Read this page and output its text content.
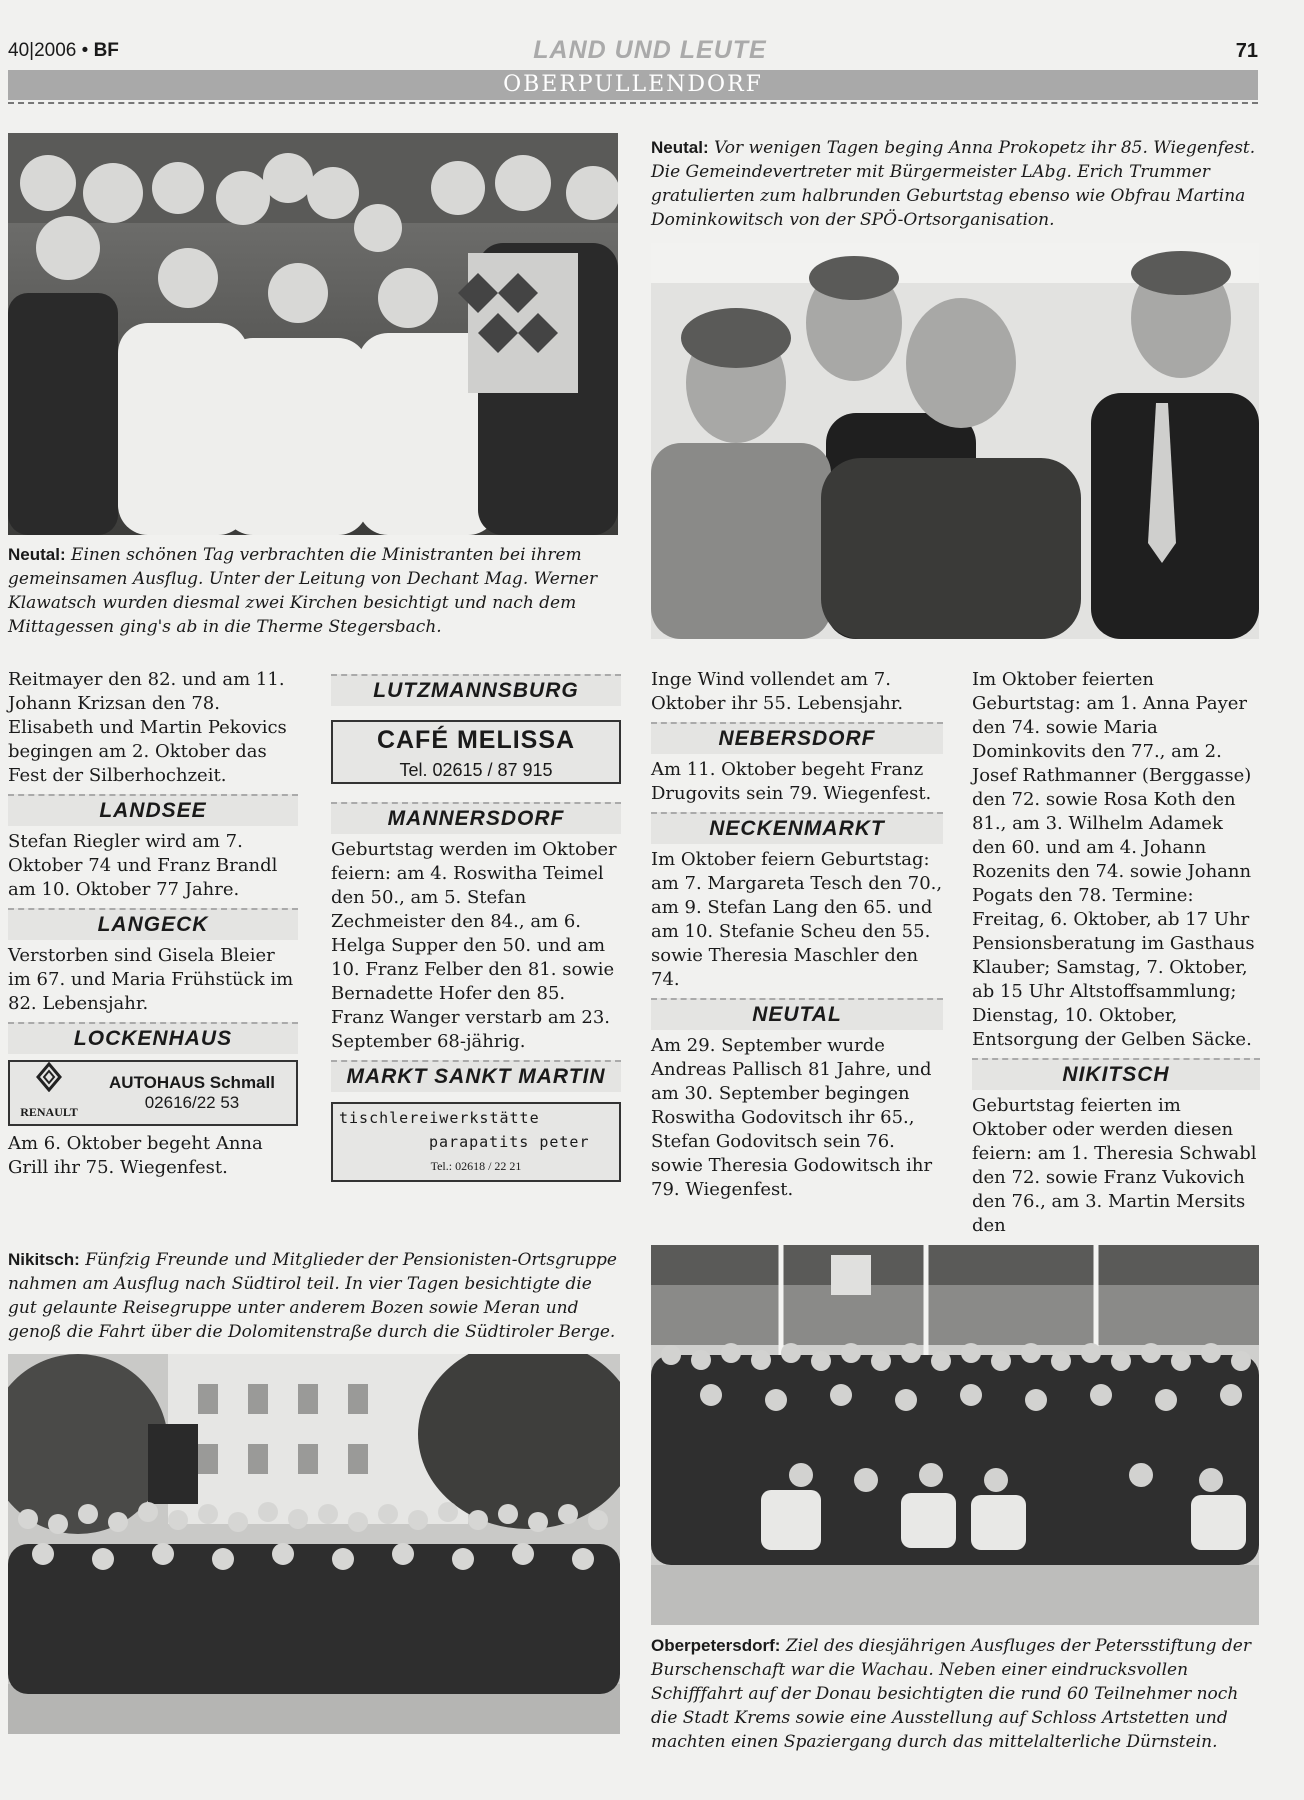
40|2006 • BF	LAND UND LEUTE	71
OBERPULLENDORF
Neutal: Einen schönen Tag verbrachten die Ministranten bei ihrem gemeinsamen Ausflug. Unter der Leitung von Dechant Mag. Werner Klawatsch wurden diesmal zwei Kirchen besichtigt und nach dem Mittagessen ging's ab in die Therme Stegersbach.
Neutal: Vor wenigen Tagen beging Anna Prokopetz ihr 85. Wiegenfest. Die Gemeindevertreter mit Bürgermeister LAbg. Erich Trummer gratulierten zum halbrunden Geburtstag ebenso wie Obfrau Martina Dominkowitsch von der SPÖ-Ortsorganisation.

Reitmayer den 82. und am 11. Johann Krizsan den 78. Elisabeth und Martin Pekovics begingen am 2. Oktober das Fest der Silberhochzeit.

LANDSEE

Stefan Riegler wird am 7. Oktober 74 und Franz Brandl am 10. Oktober 77 Jahre.

LANGECK

Verstorben sind Gisela Bleier im 67. und Maria Frühstück im 82. Lebensjahr.

LOCKENHAUS
RENAULT
AUTOHAUS Schmall
02616/22 53

Am 6. Oktober begeht Anna Grill ihr 75. Wiegenfest.

LUTZMANNSBURG
CAFÉ MELISSA
Tel. 02615 / 87 915
MANNERSDORF

Geburtstag werden im Oktober feiern: am 4. Roswitha Teimel den 50., am 5. Stefan Zechmeister den 84., am 6. Helga Supper den 50. und am 10. Franz Felber den 81. sowie Bernadette Hofer den 85. Franz Wanger verstarb am 23. September 68-jährig.

MARKT SANKT MARTIN
tischlereiwerkstätte
parapatits peter
Tel.: 02618 / 22 21

Inge Wind vollendet am 7. Oktober ihr 55. Lebensjahr.

NEBERSDORF

Am 11. Oktober begeht Franz Drugovits sein 79. Wiegenfest.

NECKENMARKT

Im Oktober feiern Geburtstag: am 7. Margareta Tesch den 70., am 9. Stefan Lang den 65. und am 10. Stefanie Scheu den 55. sowie Theresia Maschler den 74.

NEUTAL

Am 29. September wurde Andreas Pallisch 81 Jahre, und am 30. September begingen Roswitha Godovitsch ihr 65., Stefan Godovitsch sein 76. sowie Theresia Godowitsch ihr 79. Wiegenfest.

Im Oktober feierten Geburtstag: am 1. Anna Payer den 74. sowie Maria Dominkovits den 77., am 2. Josef Rathmanner (Berggasse) den 72. sowie Rosa Koth den 81., am 3. Wilhelm Adamek den 60. und am 4. Johann Rozenits den 74. sowie Johann Pogats den 78. Termine: Freitag, 6. Oktober, ab 17 Uhr Pensionsberatung im Gasthaus Klauber; Samstag, 7. Oktober, ab 15 Uhr Altstoffsammlung; Dienstag, 10. Oktober, Entsorgung der Gelben Säcke.

NIKITSCH

Geburtstag feierten im Oktober oder werden diesen feiern: am 1. Theresia Schwabl den 72. sowie Franz Vukovich den 76., am 3. Martin Mersits den

Nikitsch: Fünfzig Freunde und Mitglieder der Pensionisten-Ortsgruppe nahmen am Ausflug nach Südtirol teil. In vier Tagen besichtigte die gut gelaunte Reisegruppe unter anderem Bozen sowie Meran und genoß die Fahrt über die Dolomitenstraße durch die Südtiroler Berge.
Oberpetersdorf: Ziel des diesjährigen Ausfluges der Petersstiftung der Burschenschaft war die Wachau. Neben einer eindrucksvollen Schifffahrt auf der Donau besichtigten die rund 60 Teilnehmer noch die Stadt Krems sowie eine Ausstellung auf Schloss Artstetten und machten einen Spaziergang durch das mittelalterliche Dürnstein.
